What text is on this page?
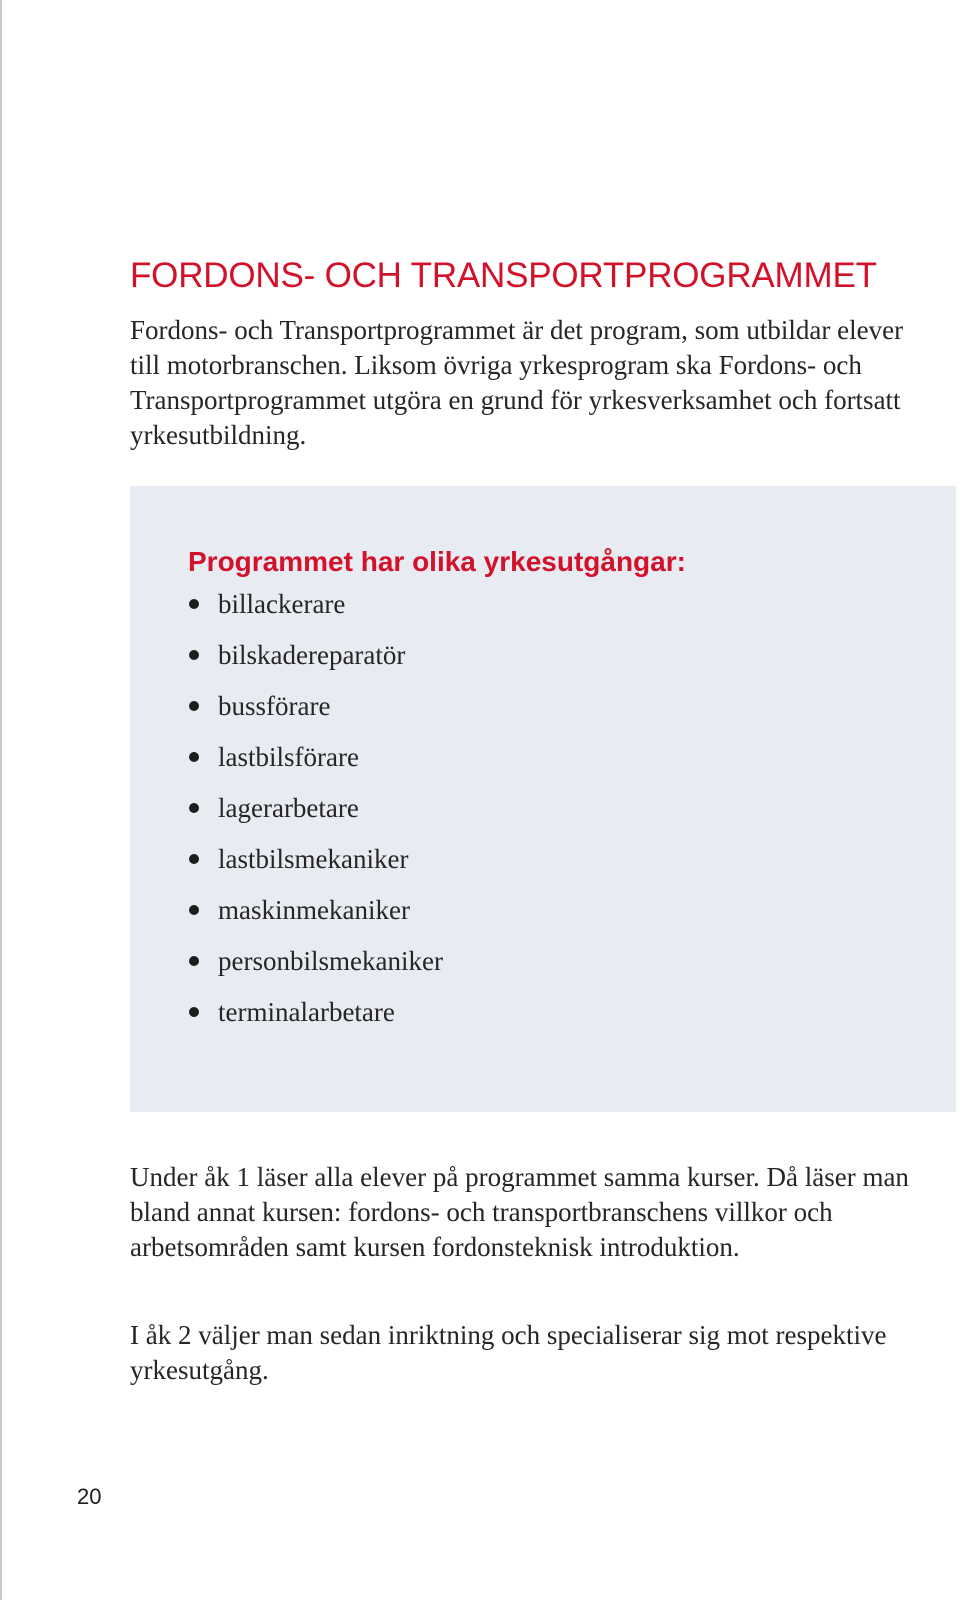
FORDONS- OCH TRANSPORTPROGRAMMET

Fordons- och Transportprogrammet är det program, som utbildar elever till motorbranschen. Liksom övriga yrkesprogram ska Fordons- och Transportprogrammet utgöra en grund för yrkesverksamhet och fortsatt yrkesutbildning.

Programmet har olika yrkesutgångar:
billackerare
bilskadereparatör
bussförare
lastbilsförare
lagerarbetare
lastbilsmekaniker
maskinmekaniker
personbilsmekaniker
terminalarbetare

Under åk 1 läser alla elever på programmet samma kurser. Då läser man bland annat kursen: fordons- och transportbranschens villkor och arbetsområden samt kursen fordonsteknisk introduktion.

I åk 2 väljer man sedan inriktning och specialiserar sig mot respektive yrkesutgång.

20
